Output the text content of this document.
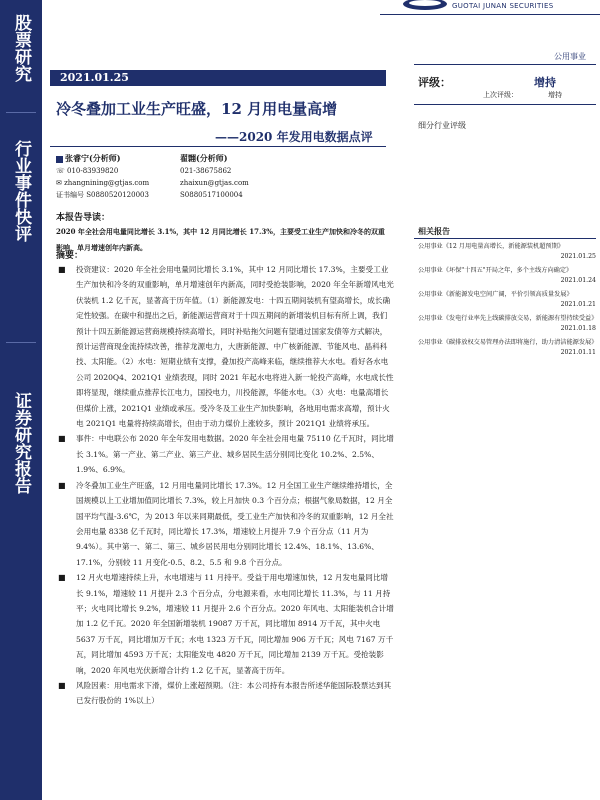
股票研究
行业事件快评
证券研究报告
GUOTAI JUNAN SECURITIES
公用事业
2021.01.25
冷冬叠加工业生产旺盛，12 月用电量高增
——2020 年发用电数据点评
评级：	增持
上次评级：	增持
细分行业评级
张睿宁(分析师)
☏ 010-83939820
✉ zhangnining@gtjas.com
证书编号 S0880520120003
翟翾(分析师)
021-38675862
zhaixun@gtjas.com
S0880517100004
本报告导读：
2020 年全社会用电量同比增长 3.1%，其中 12 月同比增长 17.3%，主要受工业生产加快和冷冬的双重影响，单月增速创年内新高。
摘要：
■ 投资建议：2020 年全社会用电量同比增长 3.1%，其中 12 月同比增长 17.3%，主要受工业生产加快和冷冬的双重影响，单月增速创年内新高，同时受抢装影响，2020 年全年新增风电光伏装机 1.2 亿千瓦，显著高于历年值。（1）新能源发电：十四五期间装机有望高增长，成长确定性较强。在碳中和提出之后，新能源运营商对于十四五期间的新增装机目标有所上调，我们预计十四五新能源运营商规模持续高增长，同时补贴拖欠问题有望通过国家发债等方式解决，预计运营商现金流持续改善，推荐龙源电力，大唐新能源、中广核新能源、节能风电、晶科科技、太阳能。（2）水电：短期业绩有支撑，叠加投产高峰来临，继续推荐大水电。看好各水电公司 2020Q4、2021Q1 业绩表现，同时 2021 年起水电将进入新一轮投产高峰，水电成长性即将显现，继续重点推荐长江电力，国投电力，川投能源，华能水电。（3）火电：电量高增长但煤价上涨，2021Q1 业绩或承压。受冷冬及工业生产加快影响，各地用电需求高增，预计火电 2021Q1 电量将持续高增长，但由于动力煤价上涨较多，预计 2021Q1 业绩将承压。
■ 事件：中电联公布 2020 年全年发用电数据。2020 年全社会用电量 75110 亿千瓦时，同比增长 3.1%。第一产业、第二产业、第三产业、城乡居民生活分别同比变化 10.2%、2.5%、1.9%、6.9%。
■ 冷冬叠加工业生产旺盛，12 月用电量同比增长 17.3%。12 月全国工业生产继续维持增长，全国规模以上工业增加值同比增长 7.3%，较上月加快 0.3 个百分点；根据气象局数据，12 月全国平均气温-3.6℃，为 2013 年以来同期最低，受工业生产加快和冷冬的双重影响，12 月全社会用电量 8338 亿千瓦时，同比增长 17.3%，增速较上月提升 7.9 个百分点（11 月为 9.4%）。其中第一、第二、第三、城乡居民用电分别同比增长 12.4%、18.1%、13.6%、17.1%，分别较 11 月变化-0.5、8.2、5.5 和 9.8 个百分点。
■ 12 月火电增速持续上升，水电增速与 11 月持平。受益于用电增速加快，12 月发电量同比增长 9.1%，增速较 11 月提升 2.3 个百分点，分电源来看，水电同比增长 11.3%，与 11 月持平；火电同比增长 9.2%，增速较 11 月提升 2.6 个百分点。2020 年风电、太阳能装机合计增加 1.2 亿千瓦。2020 年全国新增装机 19087 万千瓦，同比增加 8914 万千瓦，其中火电 5637 万千瓦，同比增加万千瓦；水电 1323 万千瓦，同比增加 906 万千瓦；风电 7167 万千瓦，同比增加 4593 万千瓦；太阳能发电 4820 万千瓦，同比增加 2139 万千瓦。受抢装影响，2020 年风电光伏新增合计约 1.2 亿千瓦，显著高于历年。
■ 风险因素：用电需求下滑，煤价上涨超预期。（注：本公司持有本报告所述华能国际股票达到其已发行股份的 1%以上）
相关报告
公用事业《12 月用电量高增长，新能源装机超预期》
2021.01.25
公用事业《坏保"十四五"开局之年，多个主线方向确定》
2021.01.24
公用事业《新能源发电空间广阔，平价引领高质量发展》
2021.01.21
公用事业《发电行业率先上线碳排放交易，新能源有望持续受益》
2021.01.18
公用事业《碳排放权交易管理办法即将施行，助力清洁能源发展》
2021.01.11
